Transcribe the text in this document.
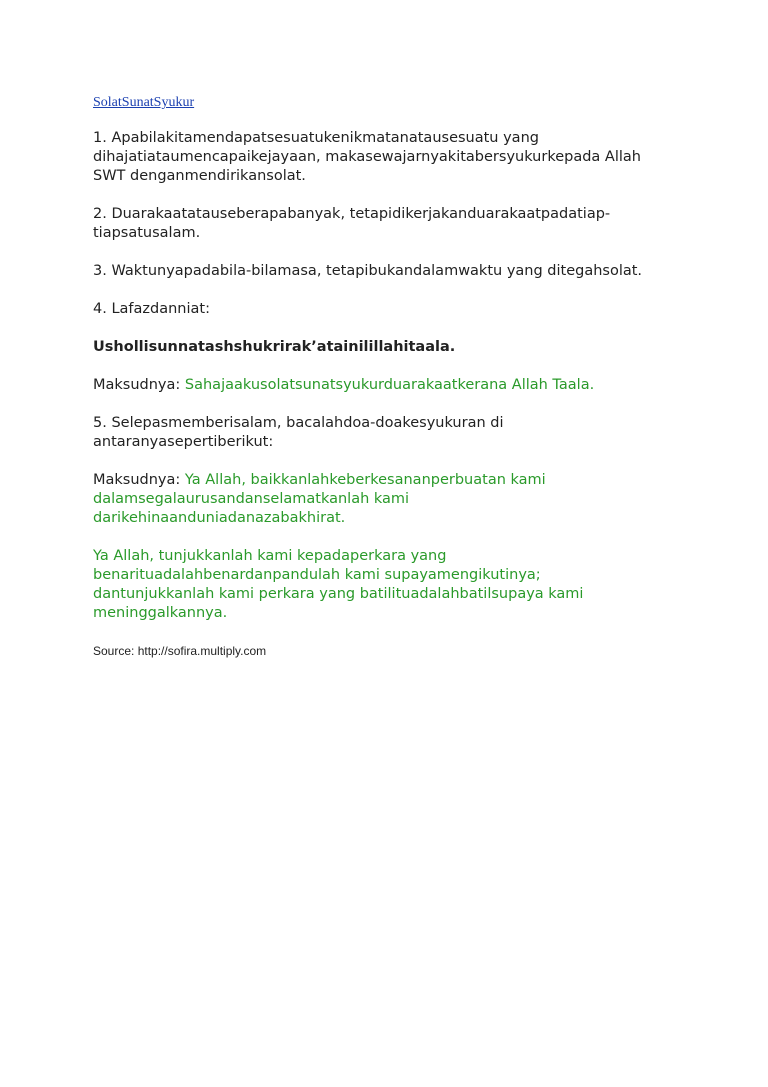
SolatSunatSyukur

1. Apabilakitamendapatsesuatukenikmatanatausesuatu yang dihajatiataumencapaikejayaan, makasewajarnyakitabersyukurkepada Allah SWT denganmendirikansolat.

2. Duarakaatatauseberapabanyak, tetapidikerjakanduarakaatpadatiap-tiapsatusalam.

3. Waktunyapadabila-bilamasa, tetapibukandalamwaktu yang ditegahsolat.

4. Lafazdanniat:

Ushollisunnatashshukrirak’atainilillahitaala.

Maksudnya: Sahajaakusolatsunatsyukurduarakaatkerana Allah Taala.

5. Selepasmemberisalam, bacalahdoa-doakesyukuran di antaranyasepertiberikut:

Maksudnya: Ya Allah, baikkanlahkeberkesananperbuatan kami dalamsegalaurusandanselamatkanlah kami darikehinaanduniadanazabakhirat.

Ya Allah, tunjukkanlah kami kepadaperkara yang benarituadalahbenardanpandulah kami supayamengikutinya; dantunjukkanlah kami perkara yang batilituadalahbatilsupaya kami meninggalkannya.

Source: http://sofira.multiply.com
